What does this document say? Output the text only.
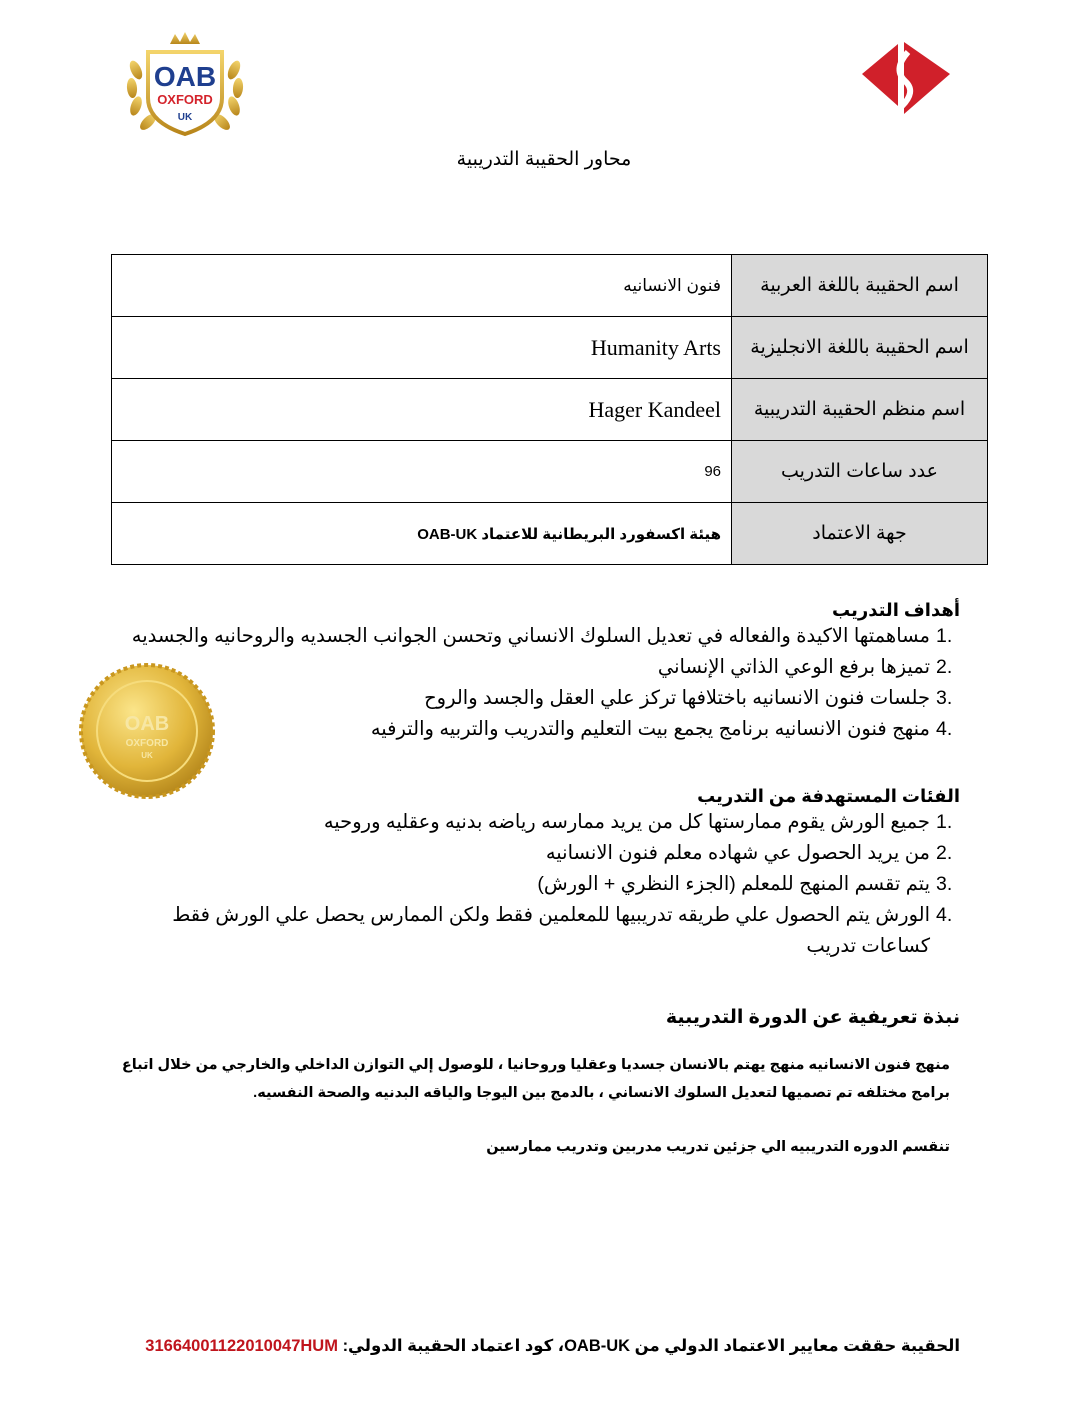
OAB
OXFORD
UK
محاور الحقيبة التدريبية
اسم الحقيبة باللغة العربية	فنون الانسانيه
اسم الحقيبة باللغة الانجليزية	Humanity Arts
اسم منظم الحقيبة التدريبية	Hager Kandeel
عدد ساعات التدريب	96
جهة الاعتماد	هيئة اكسفورد البريطانية للاعتماد OAB-UK
OAB
OXFORD
UK
أهداف التدريب
مساهمتها الاكيدة والفعاله في تعديل السلوك الانساني وتحسن الجوانب الجسديه والروحانيه والجسديه
تميزها برفع الوعي الذاتي الإنساني
جلسات فنون الانسانيه باختلافها تركز علي العقل والجسد والروح
منهج فنون الانسانيه برنامج يجمع بيت التعليم والتدريب والتربيه والترفيه
الفئات المستهدفة من التدريب
جميع الورش يقوم ممارستها كل من يريد ممارسه رياضه بدنيه وعقليه وروحيه
من يريد الحصول عي شهاده معلم فنون الانسانيه
يتم تقسم المنهج للمعلم (الجزء النظري + الورش)
الورش يتم الحصول علي طريقه تدريبيها للمعلمين فقط ولكن الممارس يحصل علي الورش فقط كساعات تدريب
نبذة تعريفية عن الدورة التدريبية

منهج فنون الانسانيه منهج يهتم بالانسان جسديا وعقليا وروحانيا ، للوصول إلي التوازن الداخلي والخارجي من خلال اتباع برامج مختلفه تم تصميها لتعديل السلوك الانساني ، بالدمج بين اليوجا والياقه البدنيه والصحة النفسيه.

تنقسم الدوره التدريبيه الي جزئين تدريب مدربين وتدريب ممارسين

الحقيبة حققت معايير الاعتماد الدولي من OAB-UK، كود اعتماد الحقيبة الدولي: 31664001122010047HUM
